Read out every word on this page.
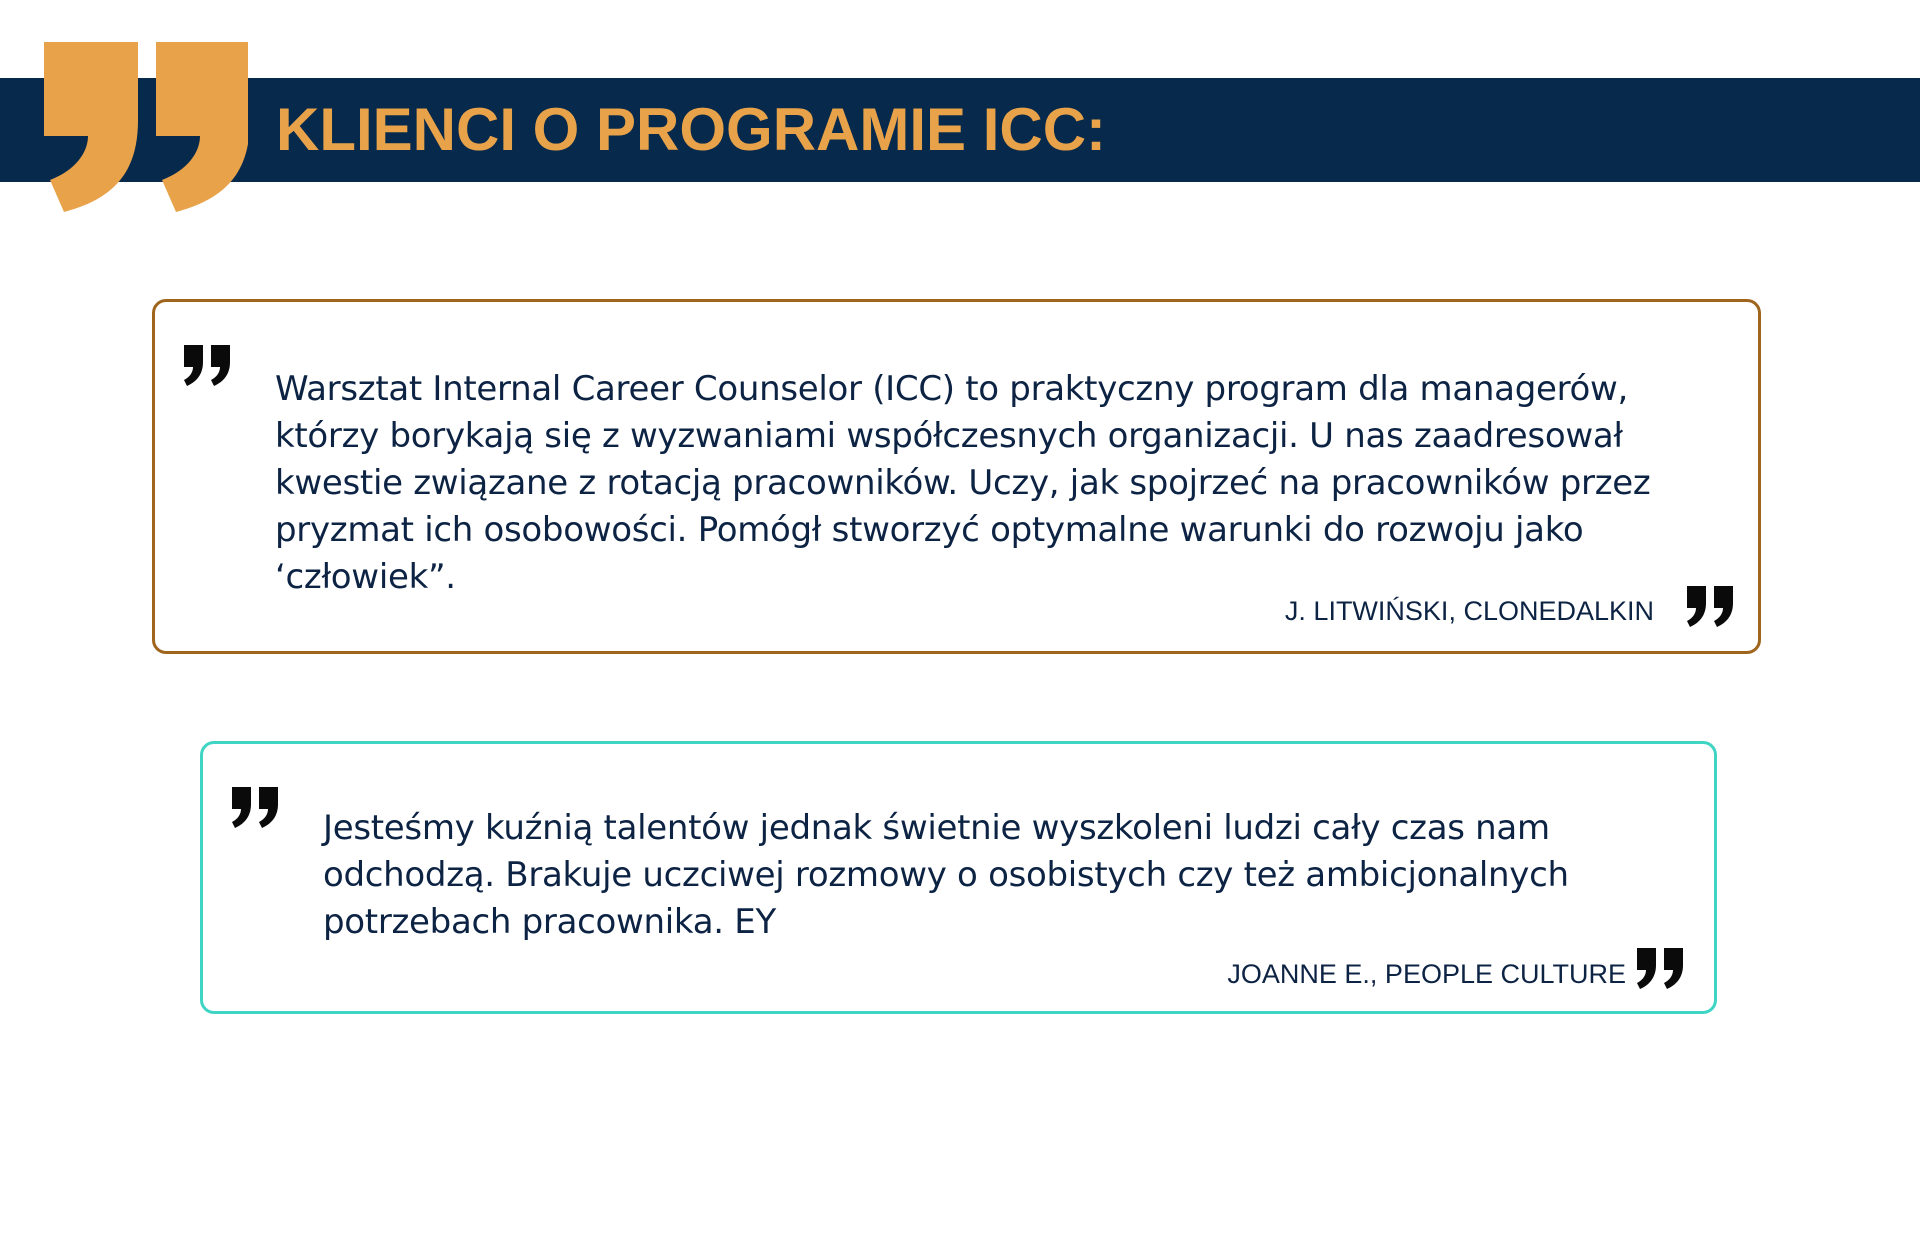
KLIENCI O PROGRAMIE ICC:
Warsztat Internal Career Counselor (ICC) to praktyczny program dla managerów,
którzy borykają się z wyzwaniami współczesnych organizacji. U nas zaadresował
kwestie związane z rotacją pracowników. Uczy, jak spojrzeć na pracowników przez
pryzmat ich osobowości. Pomógł stworzyć optymalne warunki do rozwoju jako
‘człowiek”.
J. LITWIŃSKI, CLONEDALKIN
Jesteśmy kuźnią talentów jednak świetnie wyszkoleni ludzi cały czas nam
odchodzą. Brakuje uczciwej rozmowy o osobistych czy też ambicjonalnych
potrzebach pracownika. EY
JOANNE E., PEOPLE CULTURE
